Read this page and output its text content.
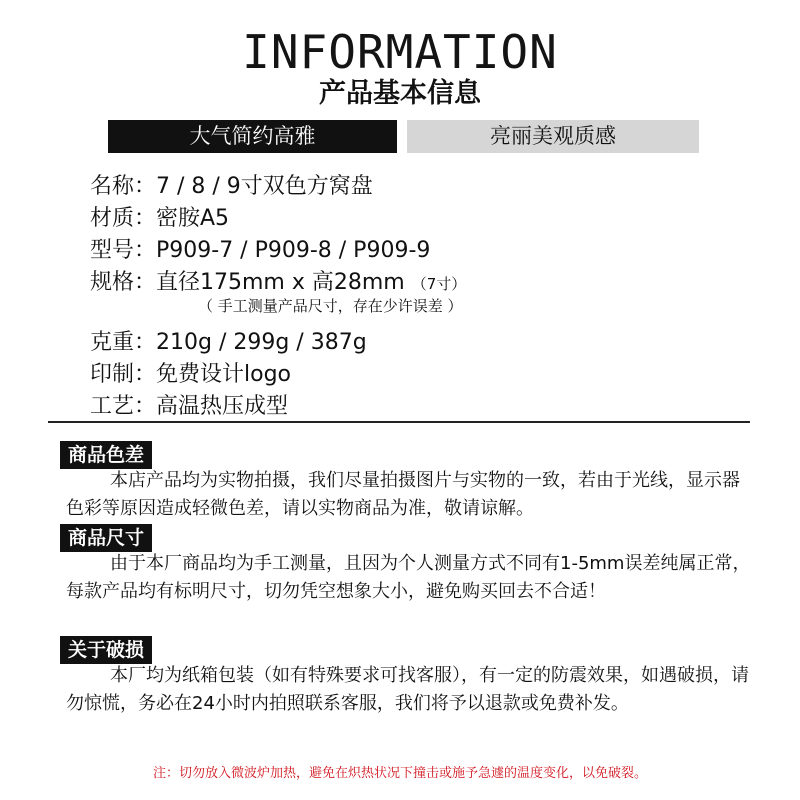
INFORMATION
产品基本信息
大气简约高雅	亮丽美观质感
名称：7 / 8 / 9寸双色方窝盘
材质：密胺A5
型号：P909-7 / P909-8 / P909-9
规格：直径175mm x 高28mm （7寸）
（ 手工测量产品尺寸，存在少许误差 ）
克重：210g / 299g / 387g
印制：免费设计logo
工艺：高温热压成型
商品色差
本店产品均为实物拍摄，我们尽量拍摄图片与实物的一致，若由于光线，显示器色彩等原因造成轻微色差，请以实物商品为准，敬请谅解。
商品尺寸
由于本厂商品均为手工测量，且因为个人测量方式不同有1-5mm误差纯属正常，每款产品均有标明尺寸，切勿凭空想象大小，避免购买回去不合适！
关于破损
本厂均为纸箱包装（如有特殊要求可找客服），有一定的防震效果，如遇破损，请勿惊慌，务必在24小时内拍照联系客服，我们将予以退款或免费补发。
注：切勿放入微波炉加热，避免在炽热状况下撞击或施予急遽的温度变化，以免破裂。
